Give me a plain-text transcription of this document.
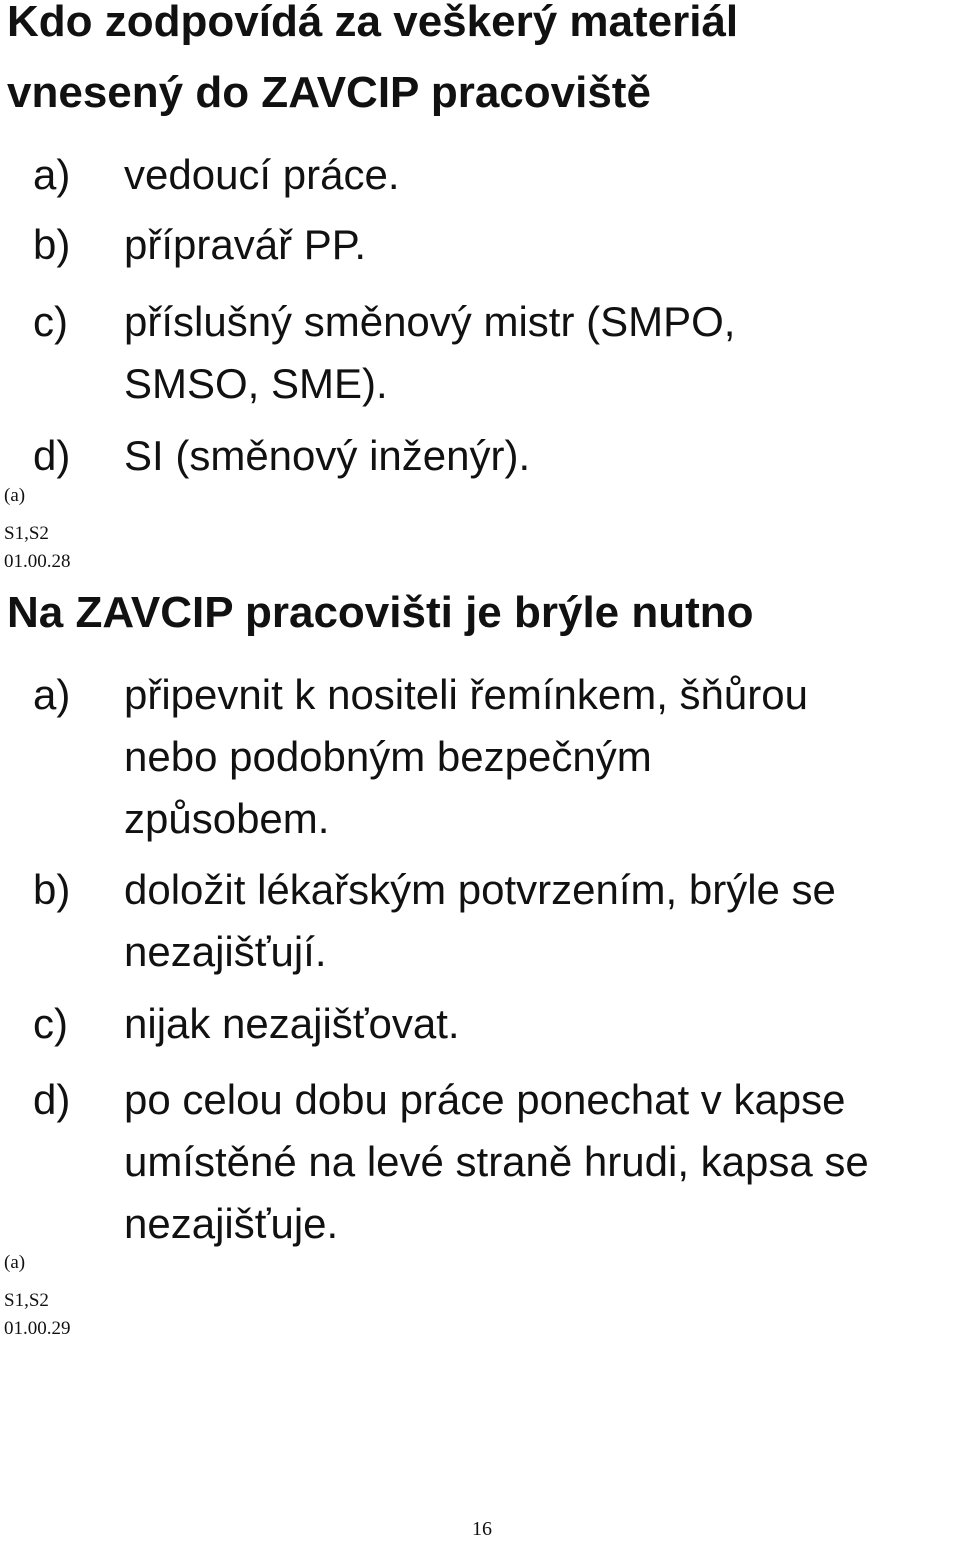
Kdo zodpovídá za veškerý materiál
vnesený do ZAVCIP pracoviště
a) vedoucí práce.
b) přípravář PP.
c) příslušný směnový mistr (SMPO,
SMSO, SME).
d) SI (směnový inženýr).
(a)
S1,S2
01.00.28
Na ZAVCIP pracovišti je brýle nutno
a) připevnit k nositeli řemínkem, šňůrou
nebo podobným bezpečným
způsobem.
b) doložit lékařským potvrzením, brýle se
nezajišťují.
c) nijak nezajišťovat.
d) po celou dobu práce ponechat v kapse
umístěné na levé straně hrudi, kapsa se
nezajišťuje.
(a)
S1,S2
01.00.29
16
